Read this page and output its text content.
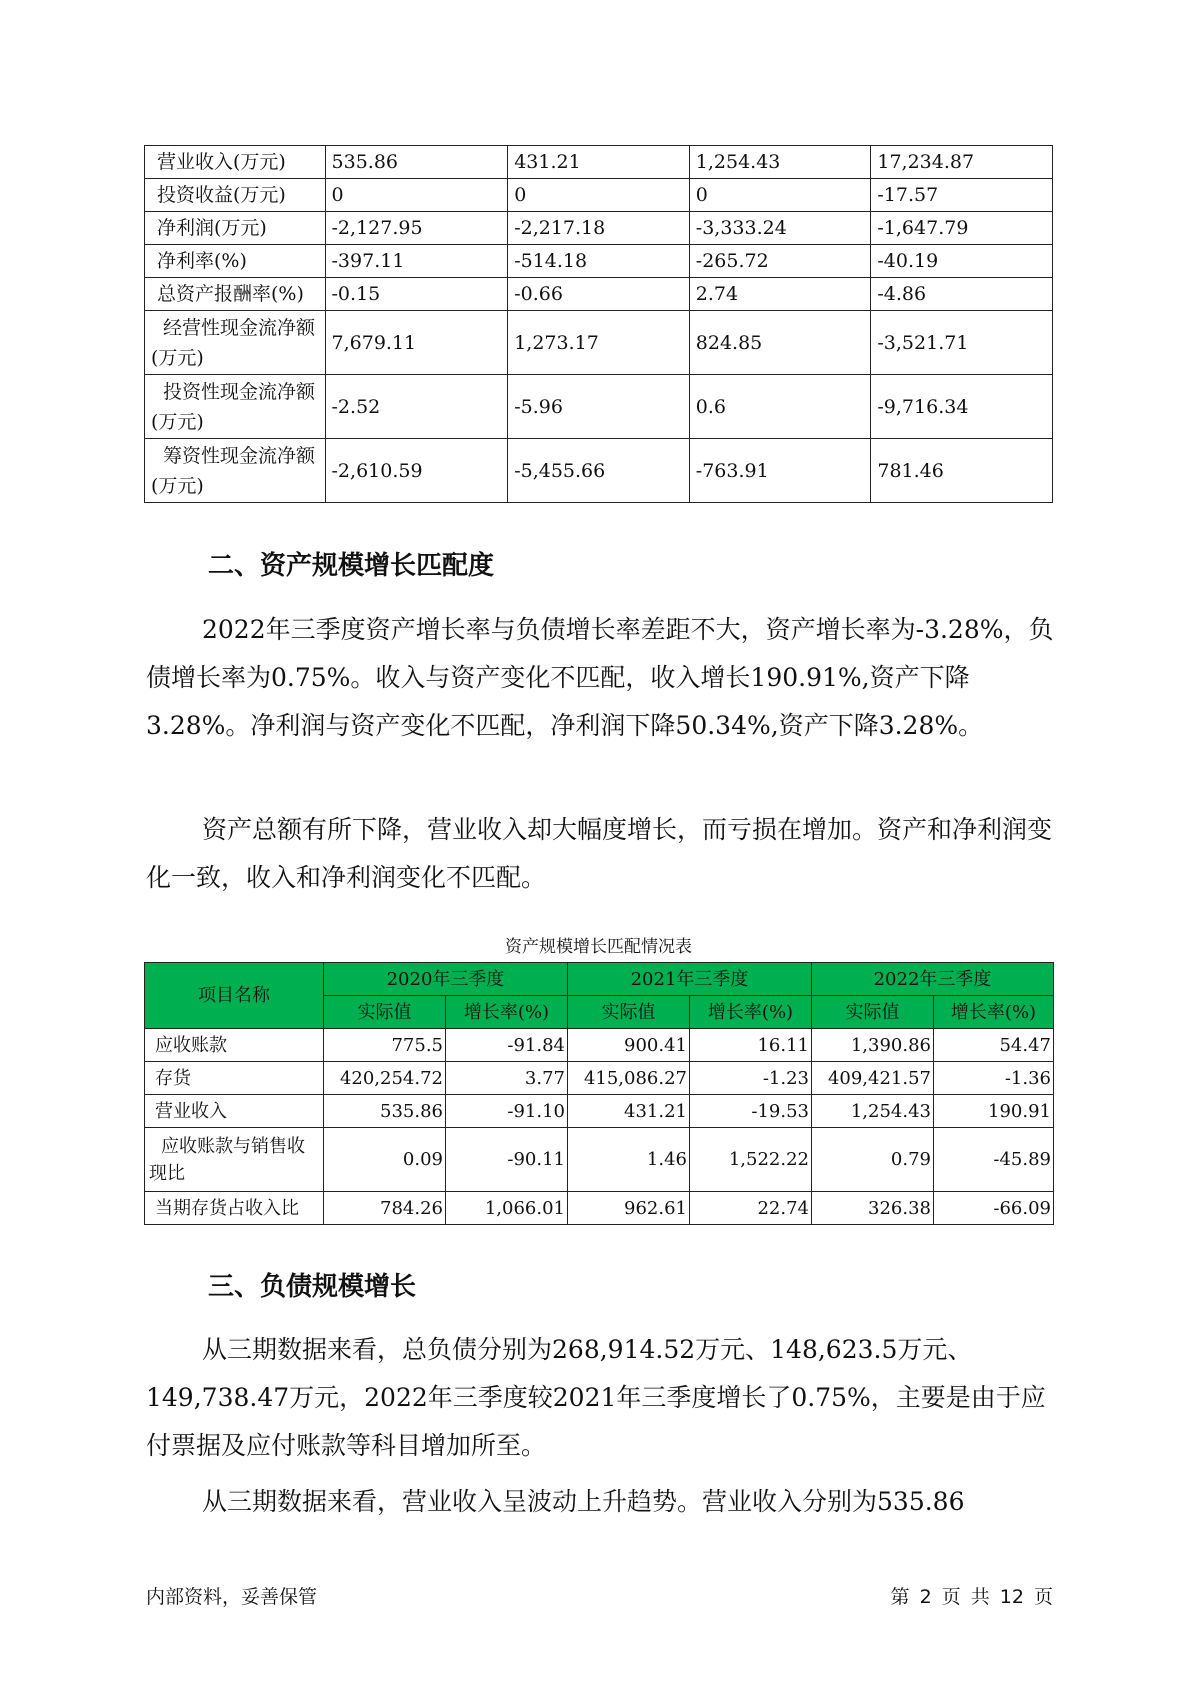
营业收入(万元)	535.86	431.21	1,254.43	17,234.87
投资收益(万元)	0	0	0	-17.57
净利润(万元)	-2,127.95	-2,217.18	-3,333.24	-1,647.79
净利率(%)	-397.11	-514.18	-265.72	-40.19
总资产报酬率(%)	-0.15	-0.66	2.74	-4.86

经营性现金流净额
(万元)	7,679.11	1,273.17	824.85	-3,521.71

投资性现金流净额
(万元)	-2.52	-5.96	0.6	-9,716.34

筹资性现金流净额
(万元)	-2,610.59	-5,455.66	-763.91	781.46
二、资产规模增长匹配度

2022年三季度资产增长率与负债增长率差距不大，资产增长率为-3.28%，负债增长率为0.75%。收入与资产变化不匹配，收入增长190.91%,资产下降3.28%。净利润与资产变化不匹配，净利润下降50.34%,资产下降3.28%。

资产总额有所下降，营业收入却大幅度增长，而亏损在增加。资产和净利润变化一致，收入和净利润变化不匹配。

资产规模增长匹配情况表

项目名称	2020年三季度		2021年三季度		2022年三季度	
	实际值	增长率(%)	实际值	增长率(%)	实际值	增长率(%)
应收账款	775.5	-91.84	900.41	16.11	1,390.86	54.47
存货	420,254.72	3.77	415,086.27	-1.23	409,421.57	-1.36
营业收入	535.86	-91.10	431.21	-19.53	1,254.43	190.91

应收账款与销售收
现比	0.09	-90.11	1.46	1,522.22	0.79	-45.89
当期存货占收入比	784.26	1,066.01	962.61	22.74	326.38	-66.09
三、负债规模增长

从三期数据来看，总负债分别为268,914.52万元、148,623.5万元、149,738.47万元，2022年三季度较2021年三季度增长了0.75%，主要是由于应付票据及应付账款等科目增加所至。

从三期数据来看，营业收入呈波动上升趋势。营业收入分别为535.86

内部资料，妥善保管	第 2 页 共 12 页
